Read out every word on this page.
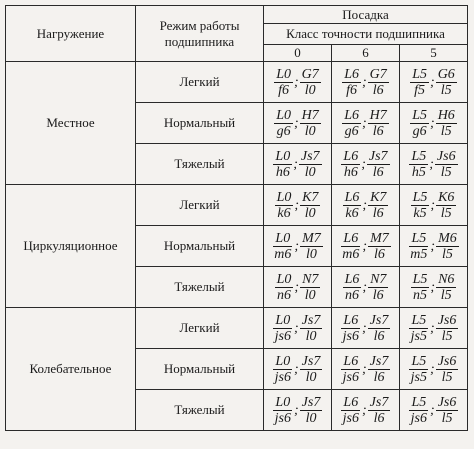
Нагружение	Режим работы подшипника	Посадка		
		Класс точности подшипника		
		0	6	5
Местное	Легкий	$\frac{L0}{f6}$ ; $\frac{G7}{l0}$	$\frac{L6}{f6}$ ; $\frac{G7}{l6}$	$\frac{L5}{f5}$ ; $\frac{G6}{l5}$

	Нормальный	$\frac{L0}{g6}$ ; $\frac{H7}{l0}$	$\frac{L6}{g6}$ ; $\frac{H7}{l6}$	$\frac{L5}{g6}$ ; $\frac{H6}{l5}$

	Тяжелый	$\frac{L0}{h6}$ ; $\frac{Js7}{l0}$	$\frac{L6}{h6}$ ; $\frac{Js7}{l6}$	$\frac{L5}{h5}$ ; $\frac{Js6}{l5}$

Циркуляционное	Легкий	$\frac{L0}{k6}$ ; $\frac{K7}{l0}$	$\frac{L6}{k6}$ ; $\frac{K7}{l6}$	$\frac{L5}{k5}$ ; $\frac{K6}{l5}$

	Нормальный	$\frac{L0}{m6}$ ; $\frac{M7}{l0}$	$\frac{L6}{m6}$ ; $\frac{M7}{l6}$	$\frac{L5}{m5}$ ; $\frac{M6}{l5}$

	Тяжелый	$\frac{L0}{n6}$ ; $\frac{N7}{l0}$	$\frac{L6}{n6}$ ; $\frac{N7}{l6}$	$\frac{L5}{n5}$ ; $\frac{N6}{l5}$

Колебательное	Легкий	$\frac{L0}{js6}$ ; $\frac{Js7}{l0}$	$\frac{L6}{js6}$ ; $\frac{Js7}{l6}$	$\frac{L5}{js5}$ ; $\frac{Js6}{l5}$

	Нормальный	$\frac{L0}{js6}$ ; $\frac{Js7}{l0}$	$\frac{L6}{js6}$ ; $\frac{Js7}{l6}$	$\frac{L5}{js5}$ ; $\frac{Js6}{l5}$

	Тяжелый	$\frac{L0}{js6}$ ; $\frac{Js7}{l0}$	$\frac{L6}{js6}$ ; $\frac{Js7}{l6}$	$\frac{L5}{js6}$ ; $\frac{Js6}{l5}$
